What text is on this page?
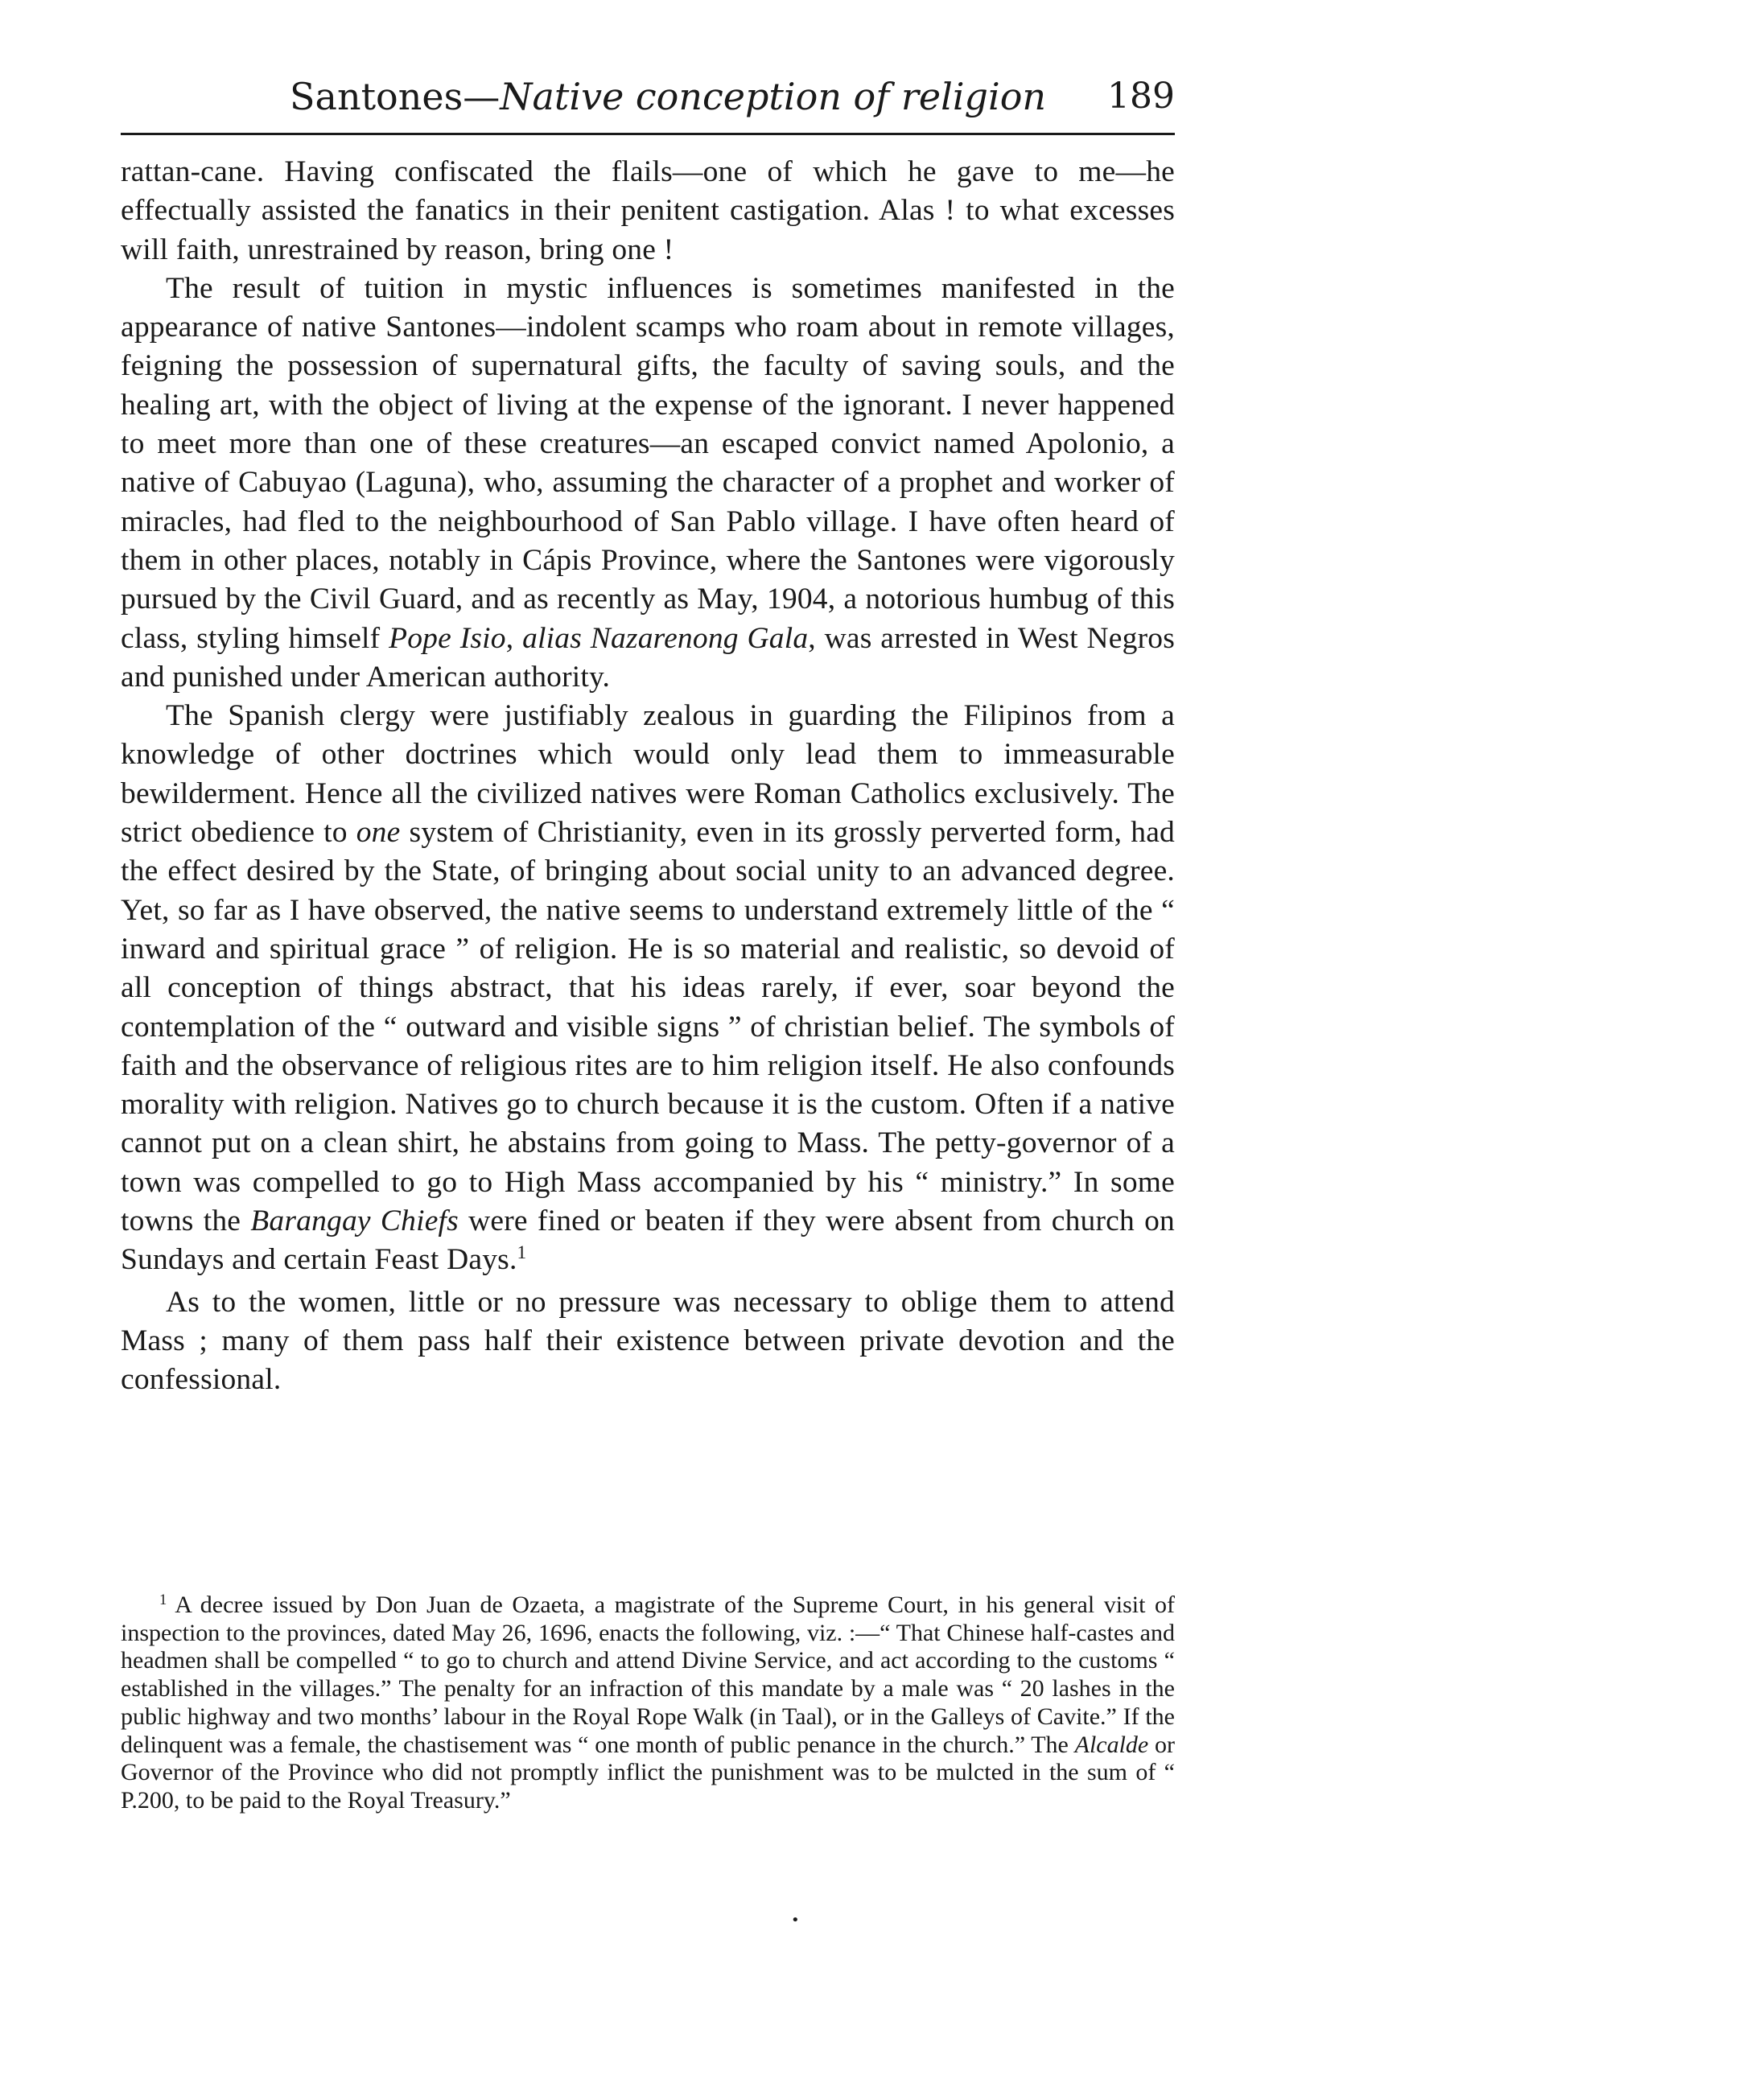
Santones—Native conception of religion 189

rattan-cane. Having confiscated the flails—one of which he gave to me—he effectually assisted the fanatics in their penitent castigation. Alas ! to what excesses will faith, unrestrained by reason, bring one !

The result of tuition in mystic influences is sometimes manifested in the appearance of native Santones—indolent scamps who roam about in remote villages, feigning the possession of supernatural gifts, the faculty of saving souls, and the healing art, with the object of living at the expense of the ignorant. I never happened to meet more than one of these creatures—an escaped convict named Apolonio, a native of Cabuyao (Laguna), who, assuming the character of a prophet and worker of miracles, had fled to the neighbourhood of San Pablo village. I have often heard of them in other places, notably in Cápis Province, where the Santones were vigorously pursued by the Civil Guard, and as recently as May, 1904, a notorious humbug of this class, styling himself Pope Isio, alias Nazarenong Gala, was arrested in West Negros and punished under American authority.

The Spanish clergy were justifiably zealous in guarding the Filipinos from a knowledge of other doctrines which would only lead them to immeasurable bewilderment. Hence all the civilized natives were Roman Catholics exclusively. The strict obedience to one system of Christianity, even in its grossly perverted form, had the effect desired by the State, of bringing about social unity to an advanced degree. Yet, so far as I have observed, the native seems to understand extremely little of the “ inward and spiritual grace ” of religion. He is so material and realistic, so devoid of all conception of things abstract, that his ideas rarely, if ever, soar beyond the contemplation of the “ outward and visible signs ” of christian belief. The symbols of faith and the observance of religious rites are to him religion itself. He also confounds morality with religion. Natives go to church because it is the custom. Often if a native cannot put on a clean shirt, he abstains from going to Mass. The petty-governor of a town was compelled to go to High Mass accompanied by his “ ministry.” In some towns the Barangay Chiefs were fined or beaten if they were absent from church on Sundays and certain Feast Days.$^1$

As to the women, little or no pressure was necessary to oblige them to attend Mass ; many of them pass half their existence between private devotion and the confessional.

$^1$ A decree issued by Don Juan de Ozaeta, a magistrate of the Supreme Court, in his general visit of inspection to the provinces, dated May 26, 1696, enacts the following, viz. :—“ That Chinese half-castes and headmen shall be compelled “ to go to church and attend Divine Service, and act according to the customs “ established in the villages.” The penalty for an infraction of this mandate by a male was “ 20 lashes in the public highway and two months’ labour in the Royal Rope Walk (in Taal), or in the Galleys of Cavite.” If the delinquent was a female, the chastisement was “ one month of public penance in the church.” The Alcalde or Governor of the Province who did not promptly inflict the punishment was to be mulcted in the sum of “ P.200, to be paid to the Royal Treasury.”

•
